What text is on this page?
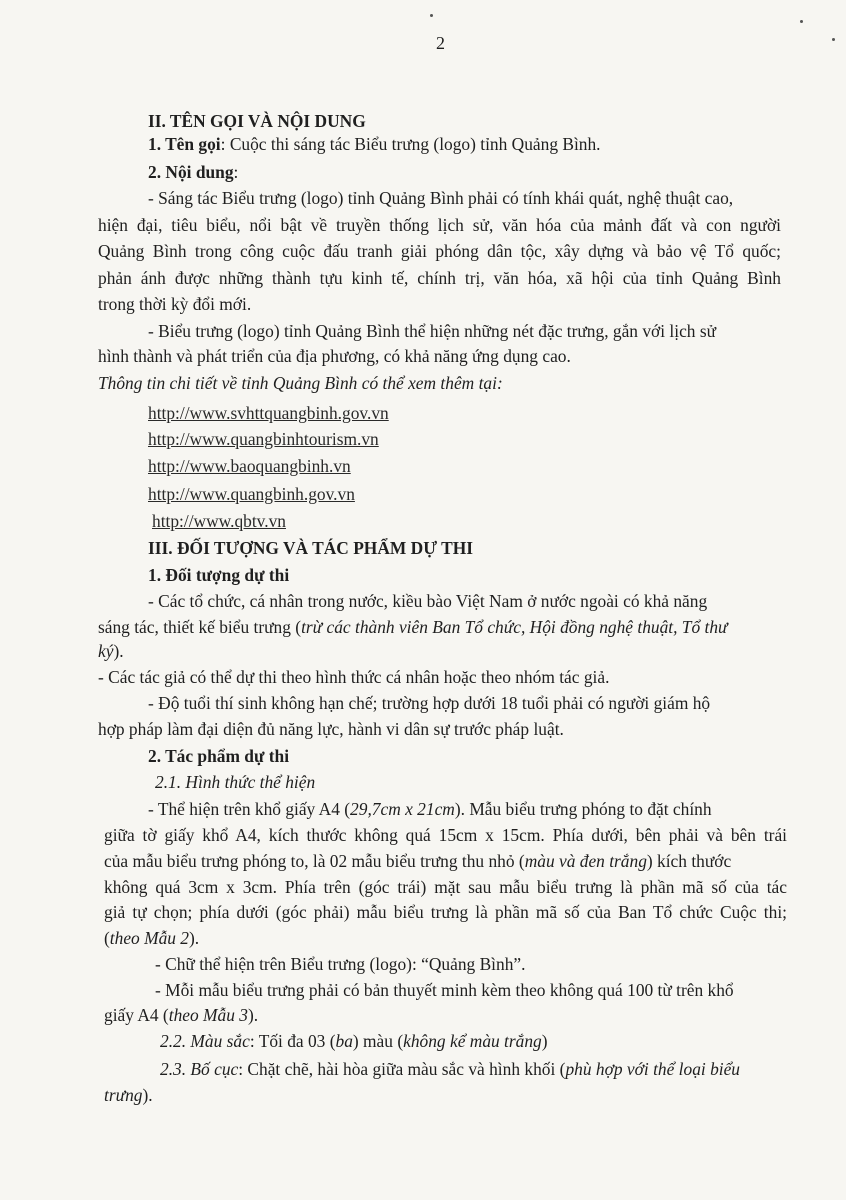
2
II. TÊN GỌI VÀ NỘI DUNG
1. Tên gọi: Cuộc thi sáng tác Biểu trưng (logo) tỉnh Quảng Bình.
2. Nội dung:
- Sáng tác Biểu trưng (logo) tỉnh Quảng Bình phải có tính khái quát, nghệ thuật cao,
hiện đại, tiêu biểu, nổi bật về truyền thống lịch sử, văn hóa của mảnh đất và con người
Quảng Bình trong công cuộc đấu tranh giải phóng dân tộc, xây dựng và bảo vệ Tổ quốc;
phản ánh được những thành tựu kinh tế, chính trị, văn hóa, xã hội của tỉnh Quảng Bình
trong thời kỳ đổi mới.
- Biểu trưng (logo) tỉnh Quảng Bình thể hiện những nét đặc trưng, gắn với lịch sử
hình thành và phát triển của địa phương, có khả năng ứng dụng cao.
Thông tin chi tiết về tỉnh Quảng Bình có thể xem thêm tại:
http://www.svhttquangbinh.gov.vn
http://www.quangbinhtourism.vn
http://www.baoquangbinh.vn
http://www.quangbinh.gov.vn
http://www.qbtv.vn
III. ĐỐI TƯỢNG VÀ TÁC PHẨM DỰ THI
1. Đối tượng dự thi
- Các tổ chức, cá nhân trong nước, kiều bào Việt Nam ở nước ngoài có khả năng
sáng tác, thiết kế biểu trưng (trừ các thành viên Ban Tổ chức, Hội đồng nghệ thuật, Tổ thư
ký).
- Các tác giả có thể dự thi theo hình thức cá nhân hoặc theo nhóm tác giả.
- Độ tuổi thí sinh không hạn chế; trường hợp dưới 18 tuổi phải có người giám hộ
hợp pháp làm đại diện đủ năng lực, hành vi dân sự trước pháp luật.
2. Tác phẩm dự thi
2.1. Hình thức thể hiện
- Thể hiện trên khổ giấy A4 (29,7cm x 21cm). Mẫu biểu trưng phóng to đặt chính
giữa tờ giấy khổ A4, kích thước không quá 15cm x 15cm. Phía dưới, bên phải và bên trái
của mẫu biểu trưng phóng to, là 02 mẫu biểu trưng thu nhỏ (màu và đen trắng) kích thước
không quá 3cm x 3cm. Phía trên (góc trái) mặt sau mẫu biểu trưng là phần mã số của tác
giả tự chọn; phía dưới (góc phải) mẫu biểu trưng là phần mã số của Ban Tổ chức Cuộc thi;
(theo Mẫu 2).
- Chữ thể hiện trên Biểu trưng (logo): “Quảng Bình”.
- Mỗi mẫu biểu trưng phải có bản thuyết minh kèm theo không quá 100 từ trên khổ
giấy A4 (theo Mẫu 3).
2.2. Màu sắc: Tối đa 03 (ba) màu (không kể màu trắng)
2.3. Bố cục: Chặt chẽ, hài hòa giữa màu sắc và hình khối (phù hợp với thể loại biểu
trưng).
